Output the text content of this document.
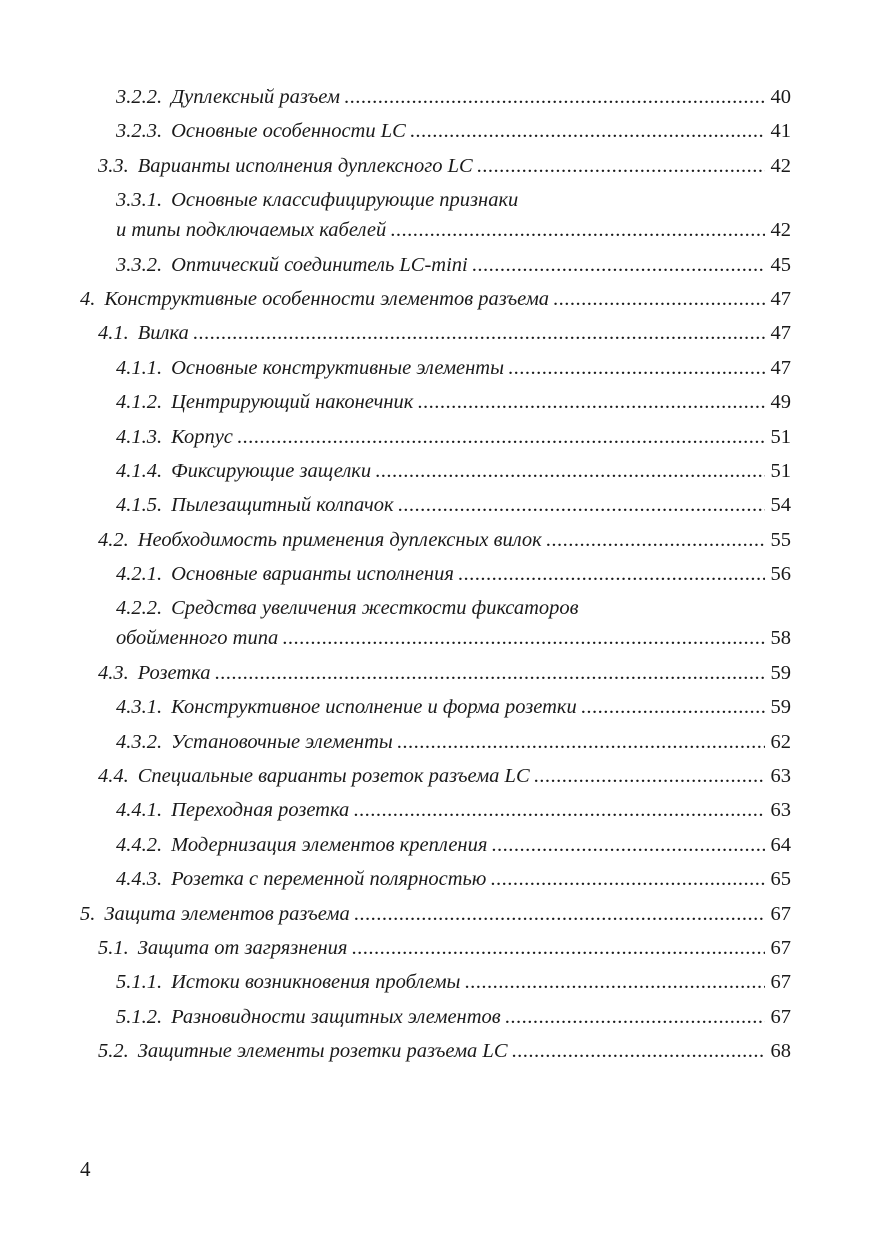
3.2.2. Дуплексный разъем .....	40
3.2.3. Основные особенности LC .....	41
3.3. Варианты исполнения дуплексного LC .....	42
3.3.1. Основные классифицирующие признаки
и типы подключаемых кабелей .....	42
3.3.2. Оптический соединитель LC-mini .....	45
4. Конструктивные особенности элементов разъема .....	47
4.1. Вилка .....	47
4.1.1. Основные конструктивные элементы .....	47
4.1.2. Центрирующий наконечник .....	49
4.1.3. Корпус .....	51
4.1.4. Фиксирующие защелки .....	51
4.1.5. Пылезащитный колпачок .....	54
4.2. Необходимость применения дуплексных вилок .....	55
4.2.1. Основные варианты исполнения .....	56
4.2.2. Средства увеличения жесткости фиксаторов
обойменного типа .....	58
4.3. Розетка .....	59
4.3.1. Конструктивное исполнение и форма розетки .....	59
4.3.2. Установочные элементы .....	62
4.4. Специальные варианты розеток разъема LC .....	63
4.4.1. Переходная розетка .....	63
4.4.2. Модернизация элементов крепления .....	64
4.4.3. Розетка с переменной полярностью .....	65
5. Защита элементов разъема .....	67
5.1. Защита от загрязнения .....	67
5.1.1. Истоки возникновения проблемы .....	67
5.1.2. Разновидности защитных элементов .....	67
5.2. Защитные элементы розетки разъема LC .....	68
4
